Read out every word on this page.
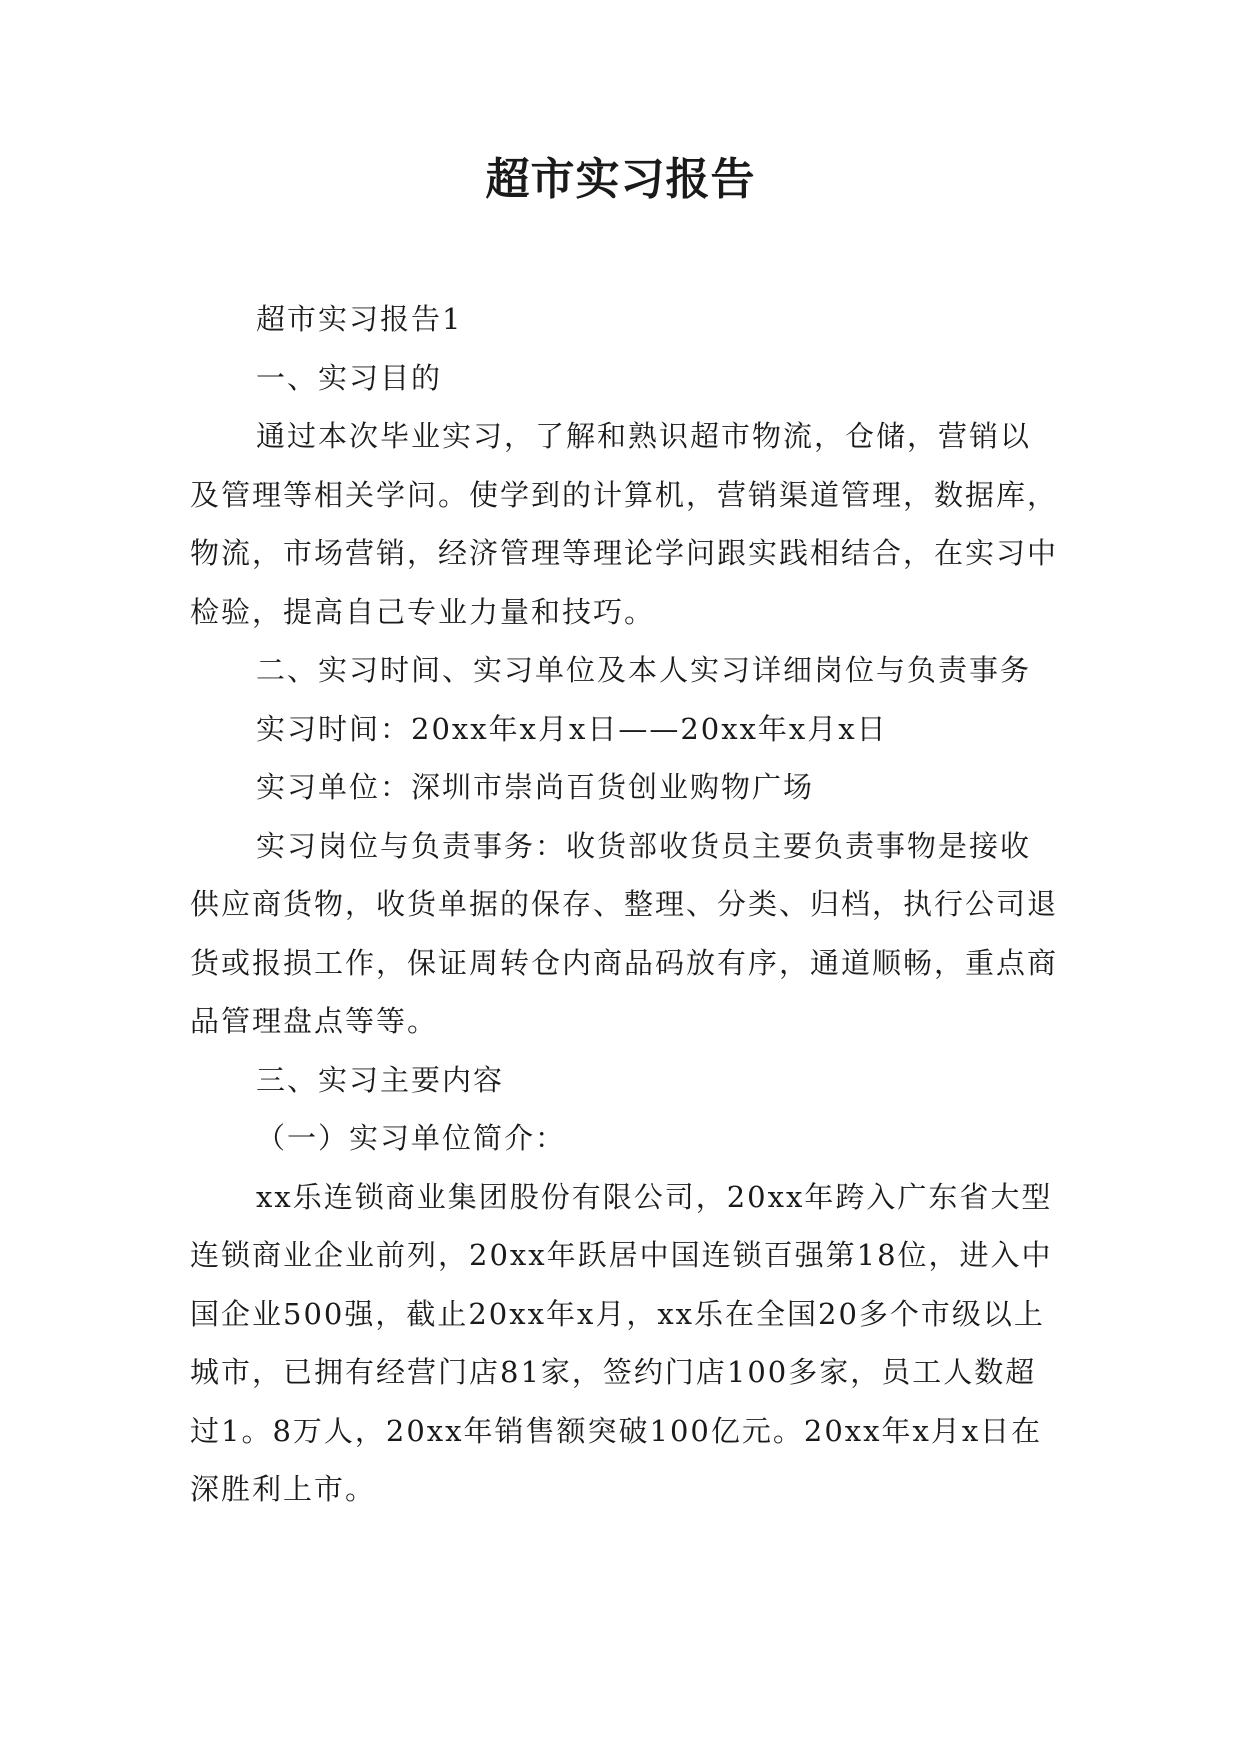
超市实习报告

超市实习报告1

一、实习目的

通过本次毕业实习，了解和熟识超市物流，仓储，营销以及管理等相关学问。使学到的计算机，营销渠道管理，数据库，物流，市场营销，经济管理等理论学问跟实践相结合，在实习中检验，提高自己专业力量和技巧。

二、实习时间、实习单位及本人实习详细岗位与负责事务

实习时间：20xx年x月x日——20xx年x月x日

实习单位：深圳市崇尚百货创业购物广场

实习岗位与负责事务：收货部收货员主要负责事物是接收供应商货物，收货单据的保存、整理、分类、归档，执行公司退货或报损工作，保证周转仓内商品码放有序，通道顺畅，重点商品管理盘点等等。

三、实习主要内容

（一）实习单位简介：

xx乐连锁商业集团股份有限公司，20xx年跨入广东省大型连锁商业企业前列，20xx年跃居中国连锁百强第18位，进入中国企业500强，截止20xx年x月，xx乐在全国20多个市级以上城市，已拥有经营门店81家，签约门店100多家，员工人数超过1。8万人，20xx年销售额突破100亿元。20xx年x月x日在深胜利上市。
